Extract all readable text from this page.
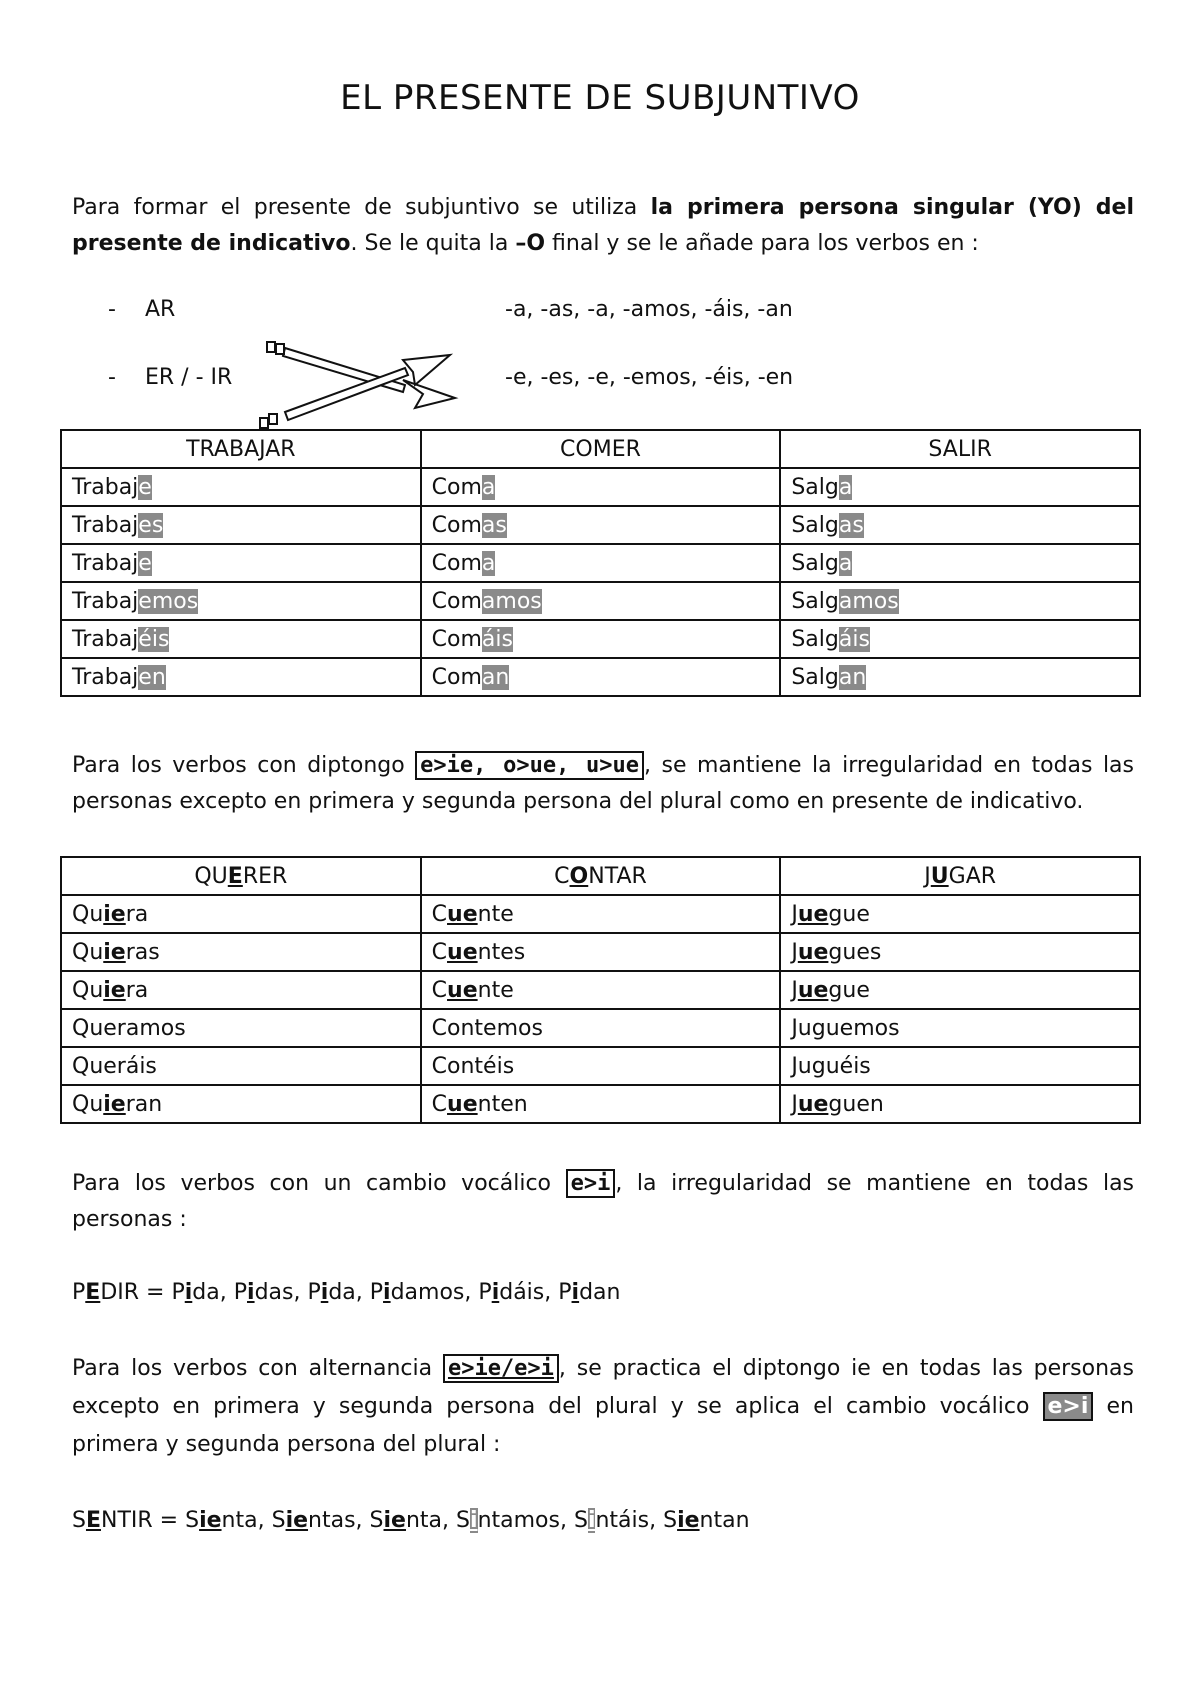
EL PRESENTE DE SUBJUNTIVO
Para formar el presente de subjuntivo se utiliza la primera persona singular (YO) del presente de indicativo. Se le quita la –O final y se le añade para los verbos en :
- AR	-a, -as, -a, -amos, -áis, -an
- ER / - IR	-e, -es, -e, -emos, -éis, -en
TRABAJAR	COMER	SALIR
Trabaje	Coma	Salga
Trabajes	Comas	Salgas
Trabaje	Coma	Salga
Trabajemos	Comamos	Salgamos
Trabajéis	Comáis	Salgáis
Trabajen	Coman	Salgan
Para los verbos con diptongo e>ie, o>ue, u>ue , se mantiene la irregularidad en todas las personas excepto en primera y segunda persona del plural como en presente de indicativo.
QUERER	CONTAR	JUGAR
Quiera	Cuente	Juegue
Quieras	Cuentes	Juegues
Quiera	Cuente	Juegue
Queramos	Contemos	Juguemos
Queráis	Contéis	Juguéis
Quieran	Cuenten	Jueguen
Para los verbos con un cambio vocálico e>i , la irregularidad se mantiene en todas las personas :
PEDIR = Pida, Pidas, Pida, Pidamos, Pidáis, Pidan
Para los verbos con alternancia e>ie/e>i , se practica el diptongo ie en todas las personas excepto en primera y segunda persona del plural y se aplica el cambio vocálico e>i en primera y segunda persona del plural :
SENTIR = Sienta, Sientas, Sienta, Sintamos, Sintáis, Sientan
